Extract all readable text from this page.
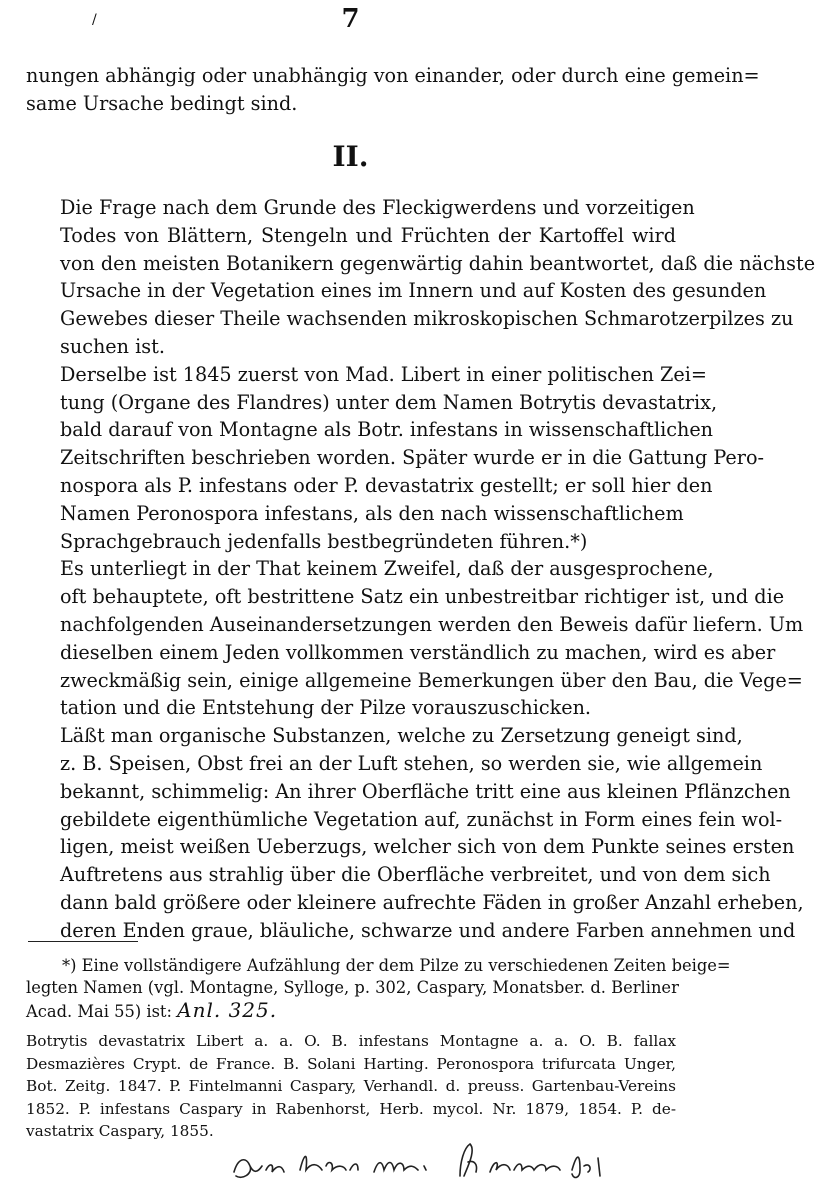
/	7
nungen abhängig oder unabhängig von einander, oder durch eine gemein=
same Ursache bedingt sind.
II.

Die Frage nach dem Grunde des Fleckigwerdens und vorzeitigen
Todes von Blättern, Stengeln und Früchten der Kartoffel wird
von den meisten Botanikern gegenwärtig dahin beantwortet, daß die nächste
Ursache in der Vegetation eines im Innern und auf Kosten des gesunden
Gewebes dieser Theile wachsenden mikroskopischen Schmarotzerpilzes zu
suchen ist.

Derselbe ist 1845 zuerst von Mad. Libert in einer politischen Zei=
tung (Organe des Flandres) unter dem Namen Botrytis devastatrix,
bald darauf von Montagne als Botr. infestans in wissenschaftlichen
Zeitschriften beschrieben worden. Später wurde er in die Gattung Pero-
nospora als P. infestans oder P. devastatrix gestellt; er soll hier den
Namen Peronospora infestans, als den nach wissenschaftlichem
Sprachgebrauch jedenfalls bestbegründeten führen.*)

Es unterliegt in der That keinem Zweifel, daß der ausgesprochene,
oft behauptete, oft bestrittene Satz ein unbestreitbar richtiger ist, und die
nachfolgenden Auseinandersetzungen werden den Beweis dafür liefern. Um
dieselben einem Jeden vollkommen verständlich zu machen, wird es aber
zweckmäßig sein, einige allgemeine Bemerkungen über den Bau, die Vege=
tation und die Entstehung der Pilze vorauszuschicken.

Läßt man organische Substanzen, welche zu Zersetzung geneigt sind,
z. B. Speisen, Obst frei an der Luft stehen, so werden sie, wie allgemein
bekannt, schimmelig: An ihrer Oberfläche tritt eine aus kleinen Pflänzchen
gebildete eigenthümliche Vegetation auf, zunächst in Form eines fein wol-
ligen, meist weißen Ueberzugs, welcher sich von dem Punkte seines ersten
Auftretens aus strahlig über die Oberfläche verbreitet, und von dem sich
dann bald größere oder kleinere aufrechte Fäden in großer Anzahl erheben,
deren Enden graue, bläuliche, schwarze und andere Farben annehmen und

*) Eine vollständigere Aufzählung der dem Pilze zu verschiedenen Zeiten beige=
legten Namen (vgl. Montagne, Sylloge, p. 302, Caspary, Monatsber. d. Berliner
Acad. Mai 55) ist: Anl. 325.
Botrytis devastatrix Libert a. a. O. B. infestans Montagne a. a. O. B. fallax
Desmazières Crypt. de France. B. Solani Harting. Peronospora trifurcata Unger,
Bot. Zeitg. 1847. P. Fintelmanni Caspary, Verhandl. d. preuss. Gartenbau-Vereins
1852. P. infestans Caspary in Rabenhorst, Herb. mycol. Nr. 1879, 1854. P. de-
vastatrix Caspary, 1855.
